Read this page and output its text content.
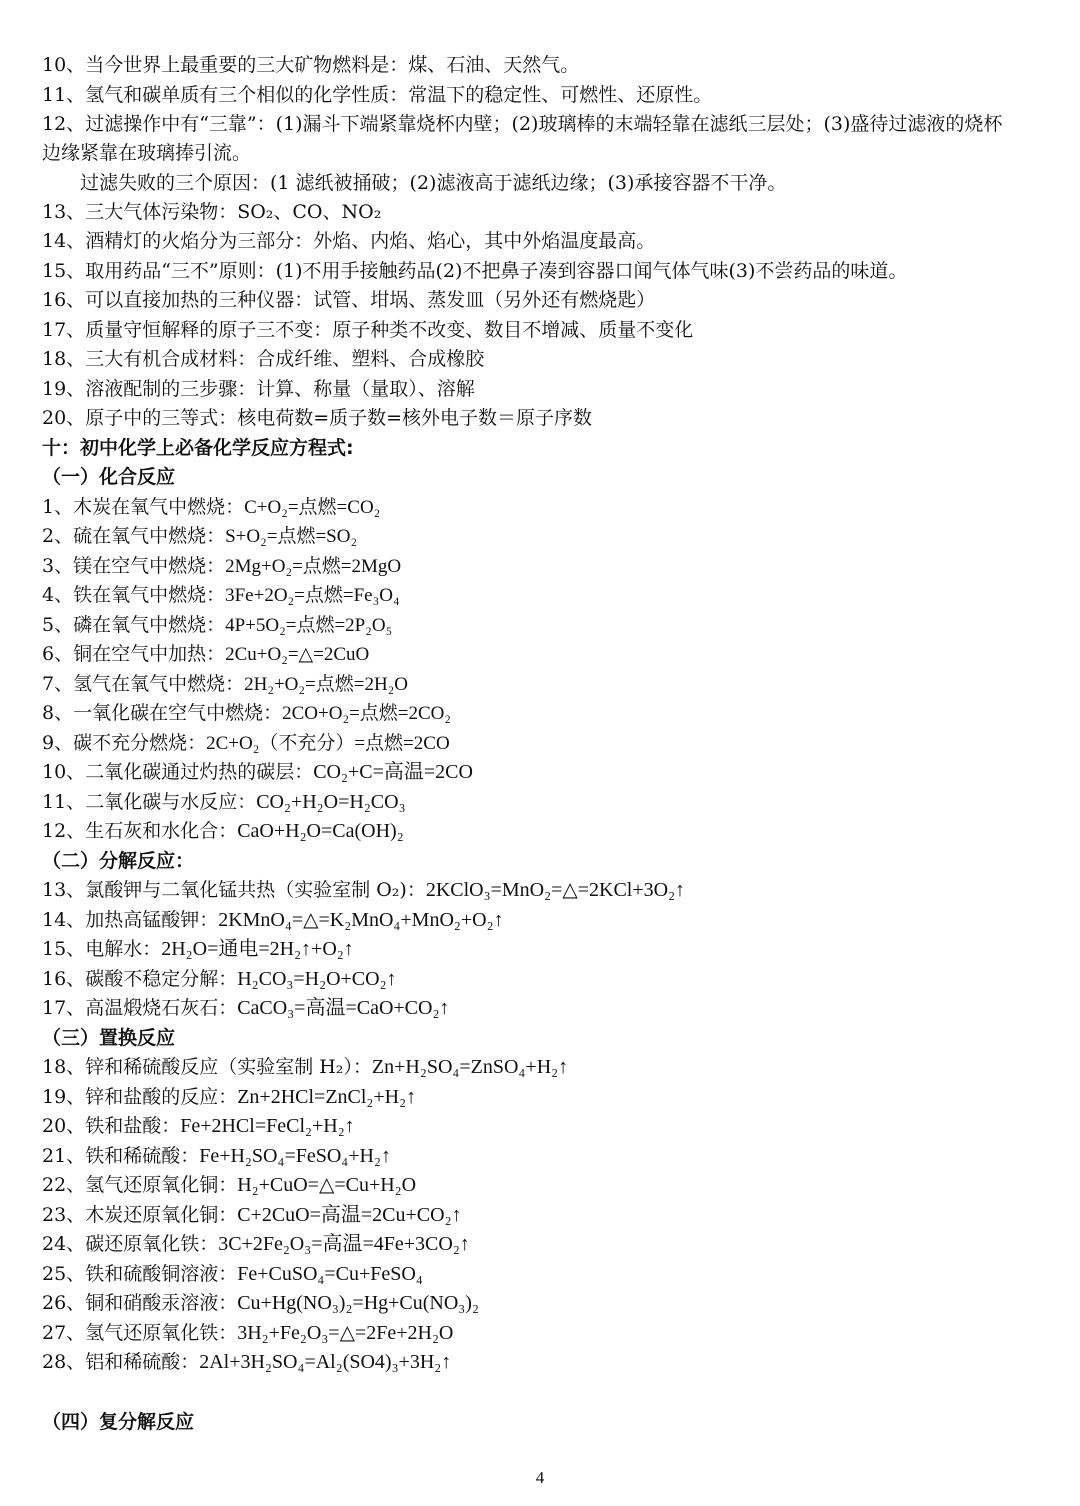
10、当今世界上最重要的三大矿物燃料是：煤、石油、天然气。
11、氢气和碳单质有三个相似的化学性质：常温下的稳定性、可燃性、还原性。
12、过滤操作中有“三靠”：(1)漏斗下端紧靠烧杯内壁；(2)玻璃棒的末端轻靠在滤纸三层处；(3)盛待过滤液的烧杯
边缘紧靠在玻璃捧引流。
过滤失败的三个原因：(1 滤纸被捅破；(2)滤液高于滤纸边缘；(3)承接容器不干净。
13、三大气体污染物：SO₂、CO、NO₂
14、酒精灯的火焰分为三部分：外焰、内焰、焰心，其中外焰温度最高。
15、取用药品“三不”原则：(1)不用手接触药品(2)不把鼻子凑到容器口闻气体气味(3)不尝药品的味道。
16、可以直接加热的三种仪器：试管、坩埚、蒸发皿（另外还有燃烧匙）
17、质量守恒解释的原子三不变：原子种类不改变、数目不增减、质量不变化
18、三大有机合成材料：合成纤维、塑料、合成橡胶
19、溶液配制的三步骤：计算、称量（量取）、溶解
20、原子中的三等式：核电荷数=质子数=核外电子数＝原子序数
十：初中化学上必备化学反应方程式:
（一）化合反应
1、木炭在氧气中燃烧：C+O₂=点燃=CO₂
2、硫在氧气中燃烧：S+O₂=点燃=SO₂
3、镁在空气中燃烧：2Mg+O₂=点燃=2MgO
4、铁在氧气中燃烧：3Fe+2O₂=点燃=Fe₃O₄
5、磷在氧气中燃烧：4P+5O₂=点燃=2P₂O₅
6、铜在空气中加热：2Cu+O₂=△=2CuO
7、氢气在氧气中燃烧：2H₂+O₂=点燃=2H₂O
8、一氧化碳在空气中燃烧：2CO+O₂=点燃=2CO₂
9、碳不充分燃烧：2C+O₂（不充分）=点燃=2CO
10、二氧化碳通过灼热的碳层：CO₂+C=高温=2CO
11、二氧化碳与水反应：CO₂+H₂O=H₂CO₃
12、生石灰和水化合：CaO+H₂O=Ca(OH)₂
（二）分解反应：
13、氯酸钾与二氧化锰共热（实验室制 O₂)：2KClO₃=MnO₂=△=2KCl+3O₂↑
14、加热高锰酸钾：2KMnO₄=△=K₂MnO₄+MnO₂+O₂↑
15、电解水：2H₂O=通电=2H₂↑+O₂↑
16、碳酸不稳定分解：H₂CO₃=H₂O+CO₂↑
17、高温煅烧石灰石：CaCO₃=高温=CaO+CO₂↑
（三）置换反应
18、锌和稀硫酸反应（实验室制 H₂）：Zn+H₂SO₄=ZnSO₄+H₂↑
19、锌和盐酸的反应：Zn+2HCl=ZnCl₂+H₂↑
20、铁和盐酸：Fe+2HCl=FeCl₂+H₂↑
21、铁和稀硫酸：Fe+H₂SO₄=FeSO₄+H₂↑
22、氢气还原氧化铜：H₂+CuO=△=Cu+H₂O
23、木炭还原氧化铜：C+2CuO=高温=2Cu+CO₂↑
24、碳还原氧化铁：3C+2Fe₂O₃=高温=4Fe+3CO₂↑
25、铁和硫酸铜溶液：Fe+CuSO₄=Cu+FeSO₄
26、铜和硝酸汞溶液：Cu+Hg(NO₃)₂=Hg+Cu(NO₃)₂
27、氢气还原氧化铁：3H₂+Fe₂O₃=△=2Fe+2H₂O
28、铝和稀硫酸：2Al+3H₂SO₄=Al₂(SO4)₃+3H₂↑
（四）复分解反应
4
